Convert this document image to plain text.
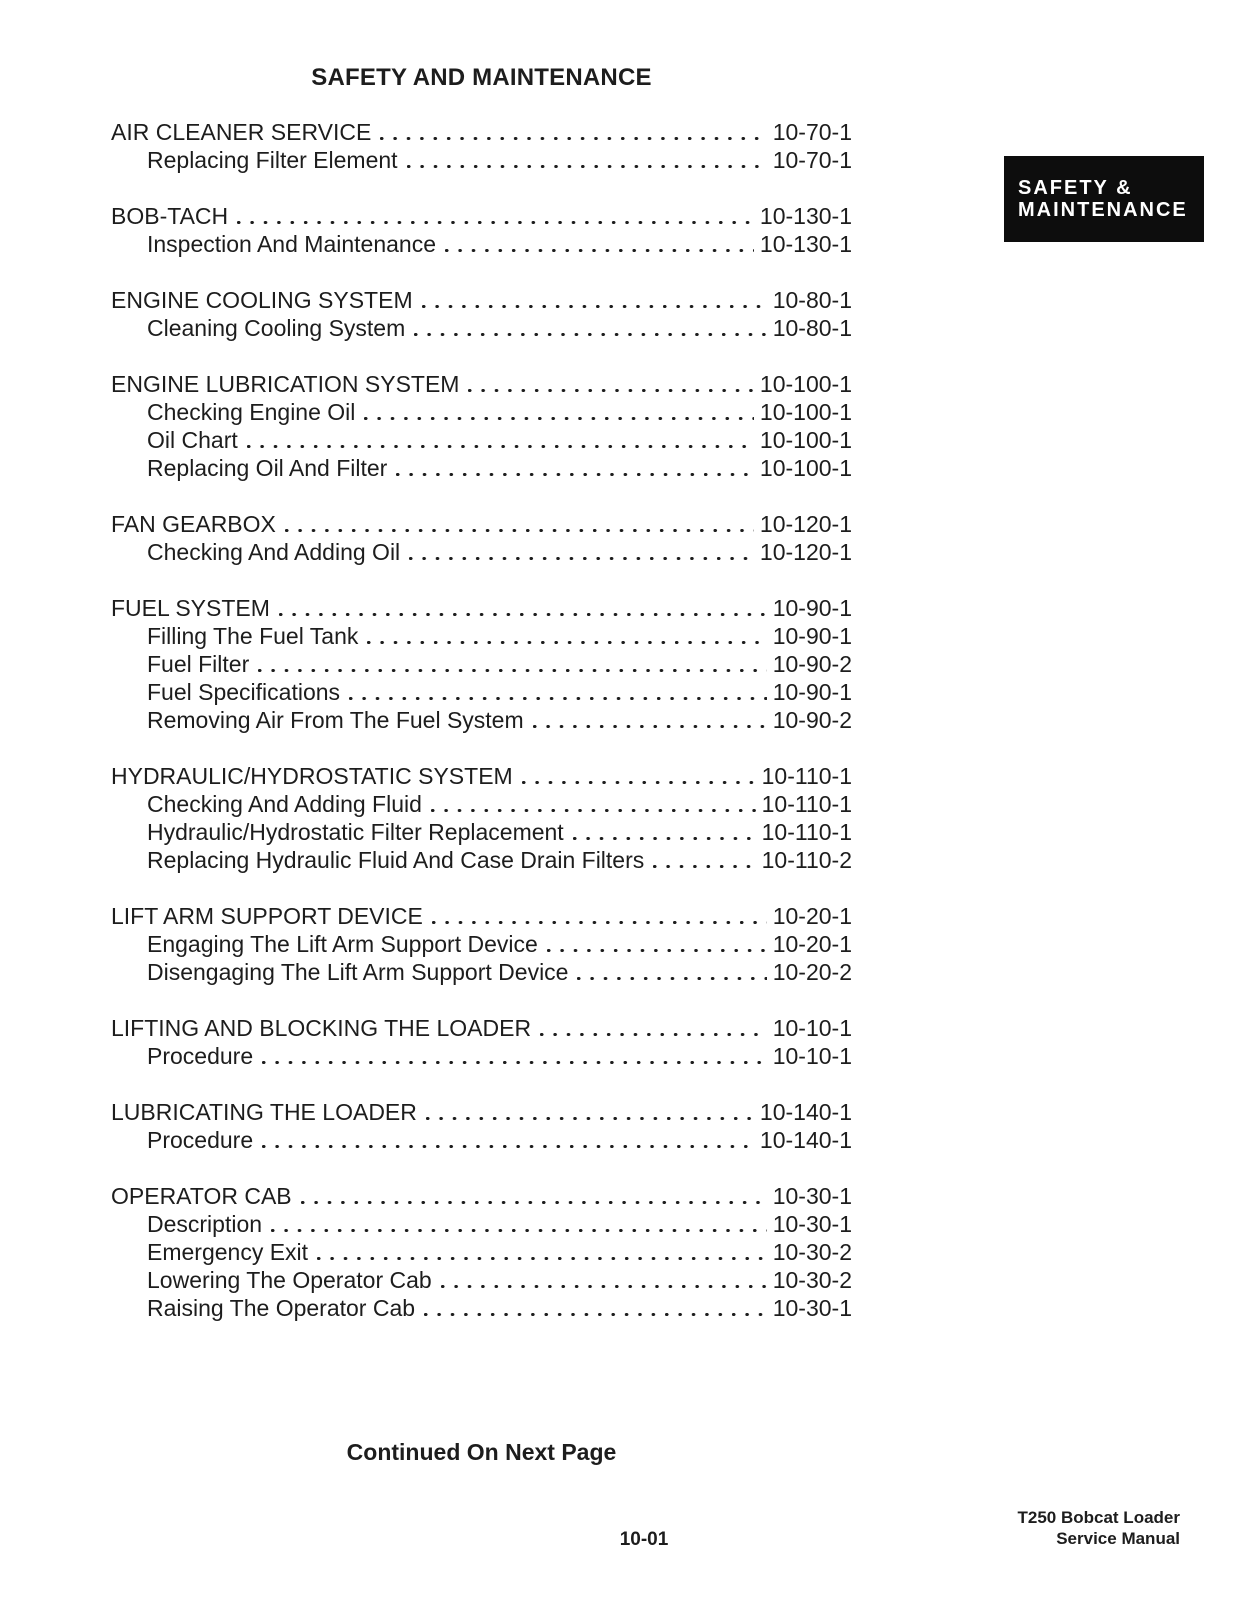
SAFETY AND MAINTENANCE
SAFETY &
MAINTENANCE
AIR CLEANER SERVICE	10-70-1
Replacing Filter Element	10-70-1
BOB-TACH	10-130-1
Inspection And Maintenance	10-130-1
ENGINE COOLING SYSTEM	10-80-1
Cleaning Cooling System	10-80-1
ENGINE LUBRICATION SYSTEM	10-100-1
Checking Engine Oil	10-100-1
Oil Chart	10-100-1
Replacing Oil And Filter	10-100-1
FAN GEARBOX	10-120-1
Checking And Adding Oil	10-120-1
FUEL SYSTEM	10-90-1
Filling The Fuel Tank	10-90-1
Fuel Filter	10-90-2
Fuel Specifications	10-90-1
Removing Air From The Fuel System	10-90-2
HYDRAULIC/HYDROSTATIC SYSTEM	10-110-1
Checking And Adding Fluid	10-110-1
Hydraulic/Hydrostatic Filter Replacement	10-110-1
Replacing Hydraulic Fluid And Case Drain Filters	10-110-2
LIFT ARM SUPPORT DEVICE	10-20-1
Engaging The Lift Arm Support Device	10-20-1
Disengaging The Lift Arm Support Device	10-20-2
LIFTING AND BLOCKING THE LOADER	10-10-1
Procedure	10-10-1
LUBRICATING THE LOADER	10-140-1
Procedure	10-140-1
OPERATOR CAB	10-30-1
Description	10-30-1
Emergency Exit	10-30-2
Lowering The Operator Cab	10-30-2
Raising The Operator Cab	10-30-1
Continued On Next Page
10-01
T250 Bobcat Loader
Service Manual
